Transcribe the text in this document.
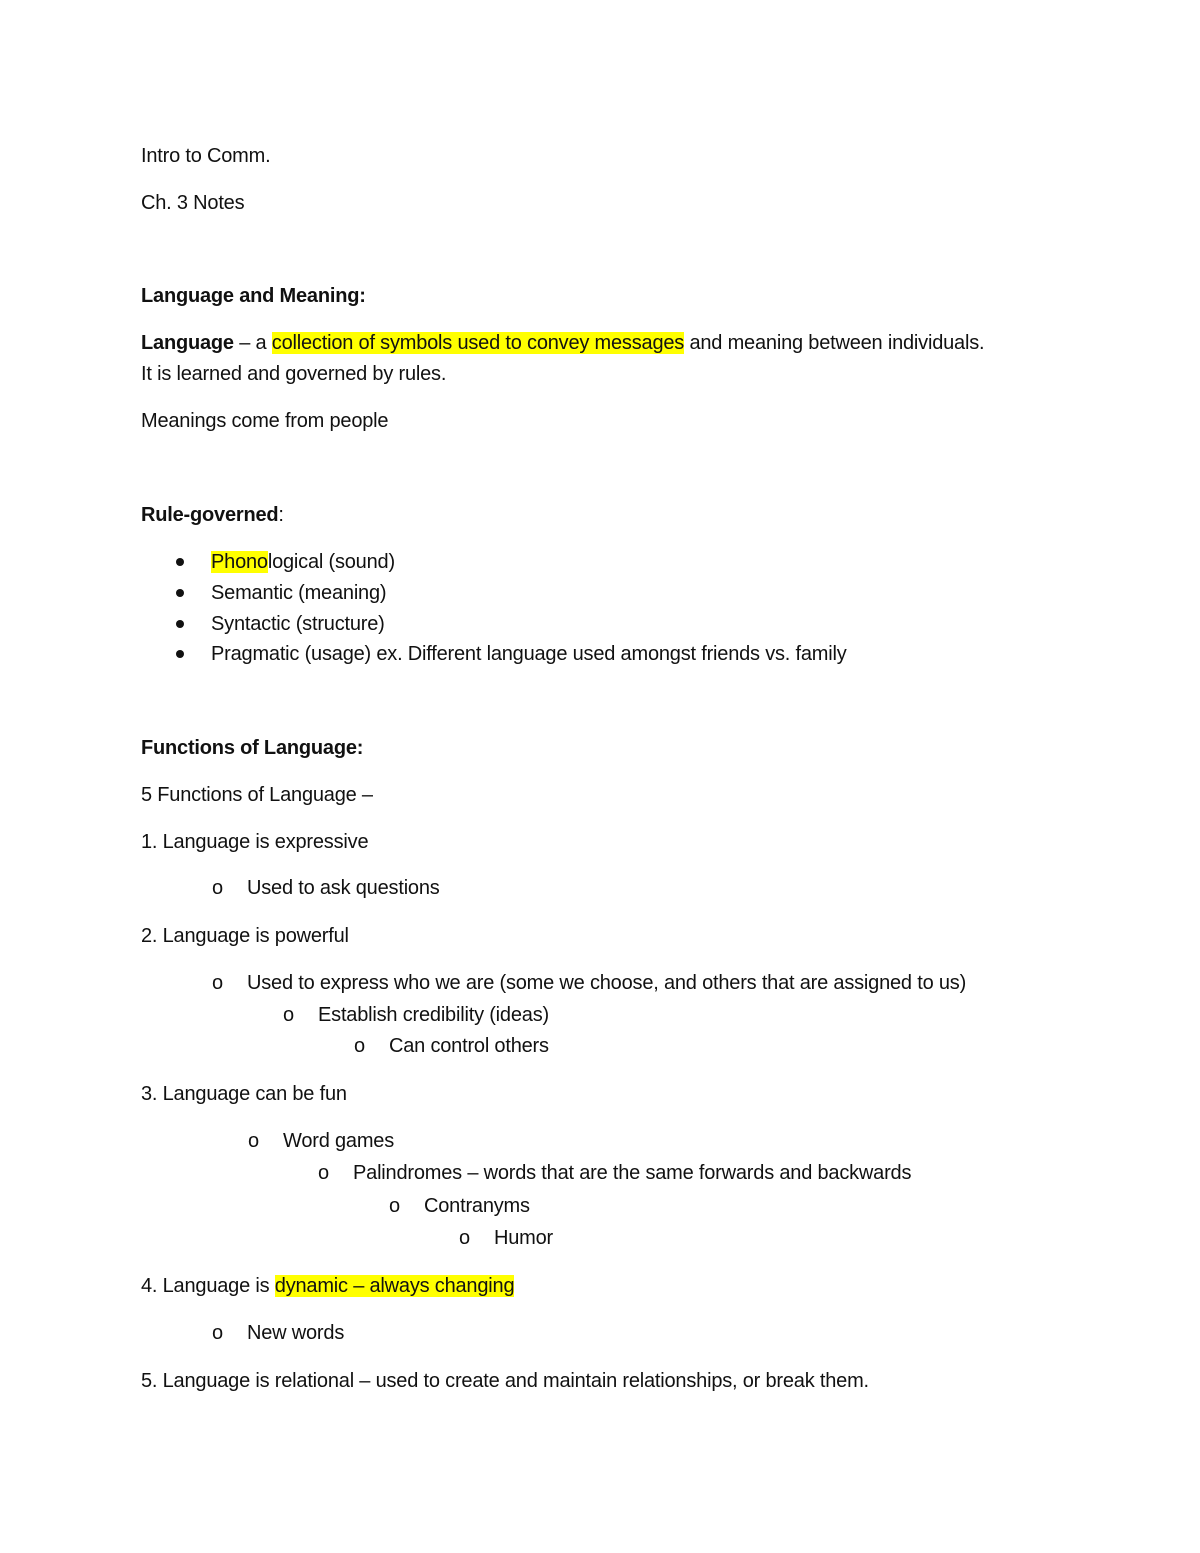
Intro to Comm.
Ch. 3 Notes
Language and Meaning:
Language – a collection of symbols used to convey messages and meaning between individuals.
It is learned and governed by rules.
Meanings come from people
Rule-governed:
Phonological (sound)
Semantic (meaning)
Syntactic (structure)
Pragmatic (usage) ex. Different language used amongst friends vs. family
Functions of Language:
5 Functions of Language –
1. Language is expressive
o Used to ask questions
2. Language is powerful
o Used to express who we are (some we choose, and others that are assigned to us)
o Establish credibility (ideas)
o Can control others
3. Language can be fun
o Word games
o Palindromes – words that are the same forwards and backwards
o Contranyms
o Humor
4. Language is dynamic – always changing
o New words
5. Language is relational – used to create and maintain relationships, or break them.
